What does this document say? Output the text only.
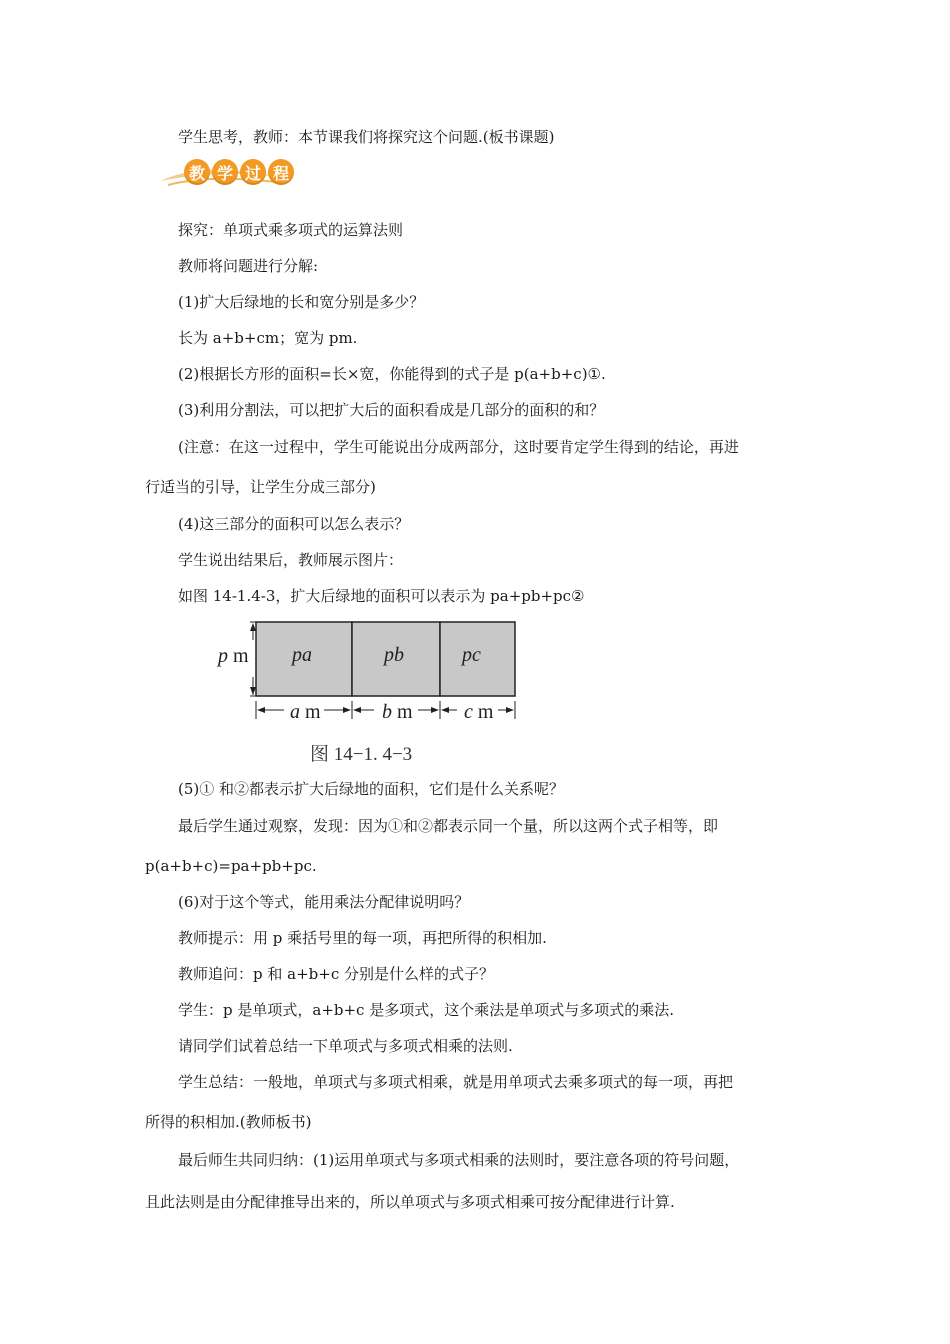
学生思考，教师：本节课我们将探究这个问题.(板书课题)
教 学 过 程
探究：单项式乘多项式的运算法则
教师将问题进行分解:
(1)扩大后绿地的长和宽分别是多少？
长为 a+b+cm；宽为 pm.
(2)根据长方形的面积=长×宽，你能得到的式子是 p(a+b+c)①.
(3)利用分割法，可以把扩大后的面积看成是几部分的面积的和？
(注意：在这一过程中，学生可能说出分成两部分，这时要肯定学生得到的结论，再进
行适当的引导，让学生分成三部分)
(4)这三部分的面积可以怎么表示？
学生说出结果后，教师展示图片：
如图 14-1.4-3，扩大后绿地的面积可以表示为 pa+pb+pc②
pa	pb	pc
p m
a m	b m	c m
图 14−1. 4−3
(5)① 和②都表示扩大后绿地的面积，它们是什么关系呢？
最后学生通过观察，发现：因为①和②都表示同一个量，所以这两个式子相等，即
p(a+b+c)=pa+pb+pc.
(6)对于这个等式，能用乘法分配律说明吗？
教师提示：用 p 乘括号里的每一项，再把所得的积相加.
教师追问：p 和 a+b+c 分别是什么样的式子？
学生：p 是单项式，a+b+c 是多项式，这个乘法是单项式与多项式的乘法.
请同学们试着总结一下单项式与多项式相乘的法则.
学生总结：一般地，单项式与多项式相乘，就是用单项式去乘多项式的每一项，再把
所得的积相加.(教师板书)
最后师生共同归纳：(1)运用单项式与多项式相乘的法则时，要注意各项的符号问题，
且此法则是由分配律推导出来的，所以单项式与多项式相乘可按分配律进行计算.
